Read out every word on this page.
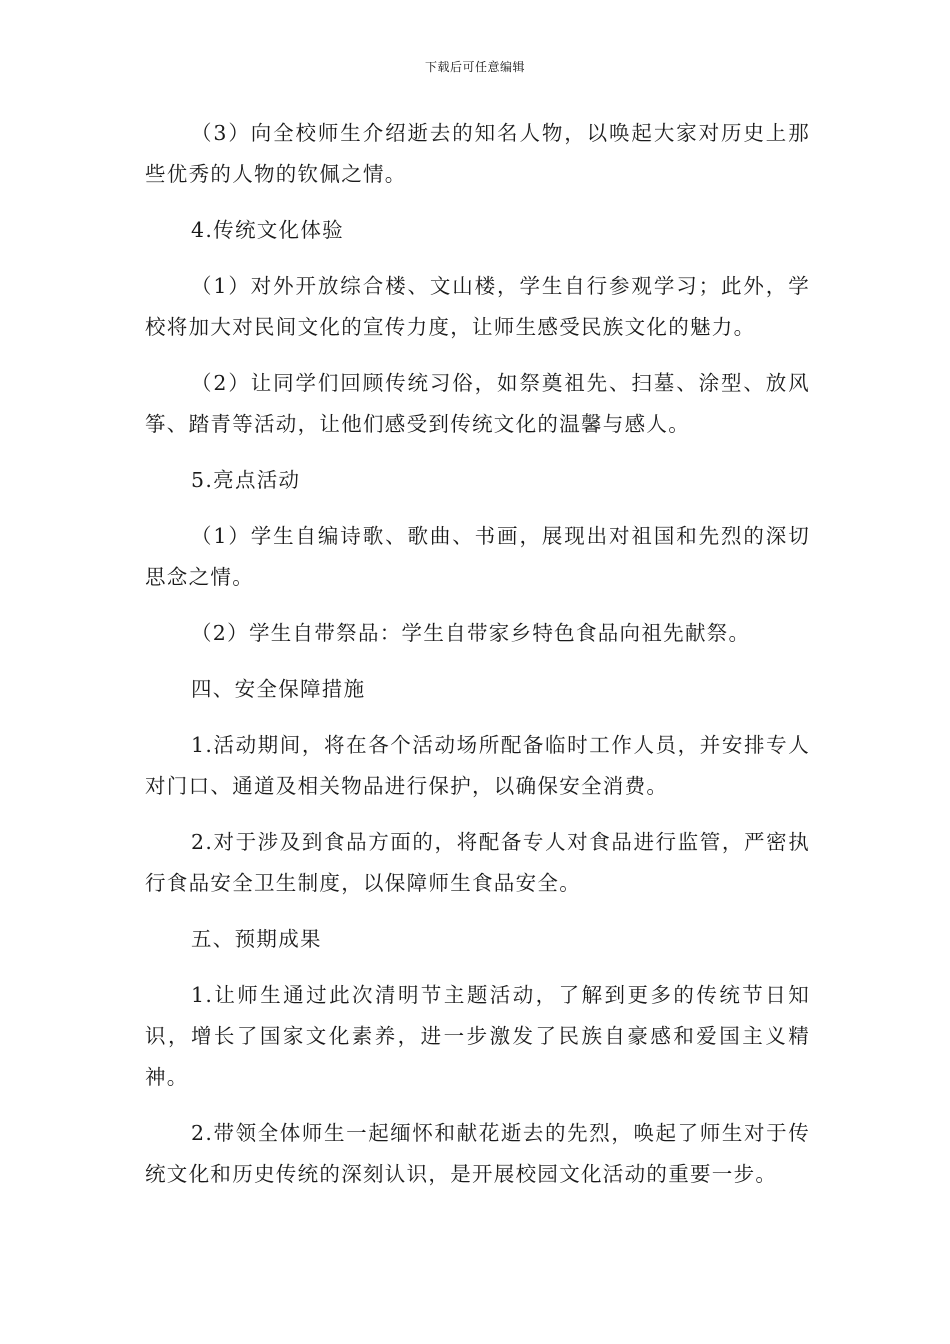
下载后可任意编辑

（3）向全校师生介绍逝去的知名人物，以唤起大家对历史上那些优秀的人物的钦佩之情。

4.传统文化体验

（1）对外开放综合楼、文山楼，学生自行参观学习；此外，学校将加大对民间文化的宣传力度，让师生感受民族文化的魅力。

（2）让同学们回顾传统习俗，如祭奠祖先、扫墓、涂型、放风筝、踏青等活动，让他们感受到传统文化的温馨与感人。

5.亮点活动

（1）学生自编诗歌、歌曲、书画，展现出对祖国和先烈的深切思念之情。

（2）学生自带祭品：学生自带家乡特色食品向祖先献祭。

四、安全保障措施

1.活动期间，将在各个活动场所配备临时工作人员，并安排专人对门口、通道及相关物品进行保护，以确保安全消费。

2.对于涉及到食品方面的，将配备专人对食品进行监管，严密执行食品安全卫生制度，以保障师生食品安全。

五、预期成果

1.让师生通过此次清明节主题活动，了解到更多的传统节日知识，增长了国家文化素养，进一步激发了民族自豪感和爱国主义精神。

2.带领全体师生一起缅怀和献花逝去的先烈，唤起了师生对于传统文化和历史传统的深刻认识，是开展校园文化活动的重要一步。
